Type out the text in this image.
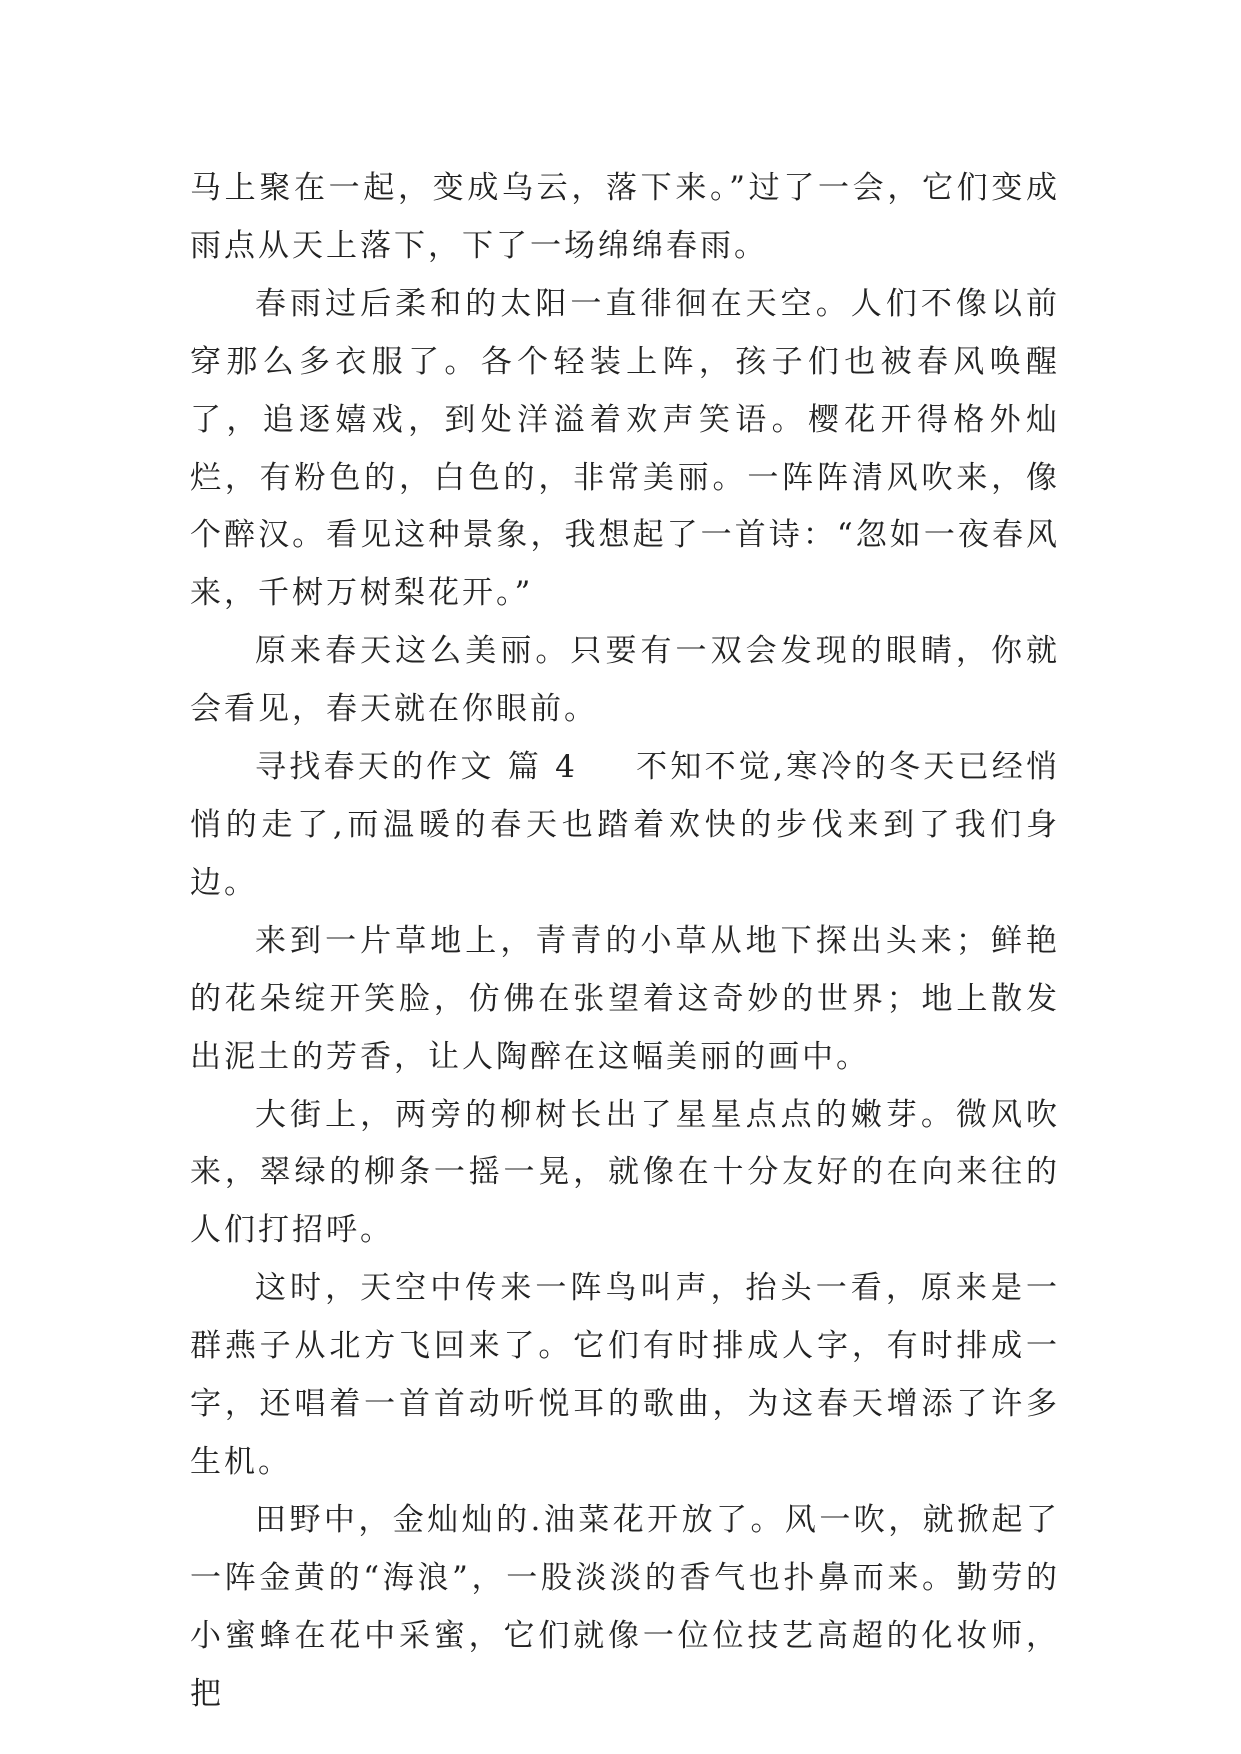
马上聚在一起，变成乌云，落下来。”过了一会，它们变成雨点从天上落下，下了一场绵绵春雨。

春雨过后柔和的太阳一直徘徊在天空。人们不像以前穿那么多衣服了。各个轻装上阵，孩子们也被春风唤醒了，追逐嬉戏，到处洋溢着欢声笑语。樱花开得格外灿烂，有粉色的，白色的，非常美丽。一阵阵清风吹来，像个醉汉。看见这种景象，我想起了一首诗：“忽如一夜春风来，千树万树梨花开。”

原来春天这么美丽。只要有一双会发现的眼睛，你就会看见，春天就在你眼前。

寻找春天的作文 篇 4 不知不觉,寒冷的冬天已经悄悄的走了,而温暖的春天也踏着欢快的步伐来到了我们身边。

来到一片草地上，青青的小草从地下探出头来；鲜艳的花朵绽开笑脸，仿佛在张望着这奇妙的世界；地上散发出泥土的芳香，让人陶醉在这幅美丽的画中。

大街上，两旁的柳树长出了星星点点的嫩芽。微风吹来，翠绿的柳条一摇一晃，就像在十分友好的在向来往的人们打招呼。

这时，天空中传来一阵鸟叫声，抬头一看，原来是一群燕子从北方飞回来了。它们有时排成人字，有时排成一字，还唱着一首首动听悦耳的歌曲，为这春天增添了许多生机。

田野中，金灿灿的.油菜花开放了。风一吹，就掀起了一阵金黄的“海浪”，一股淡淡的香气也扑鼻而来。勤劳的小蜜蜂在花中采蜜，它们就像一位位技艺高超的化妆师，把
